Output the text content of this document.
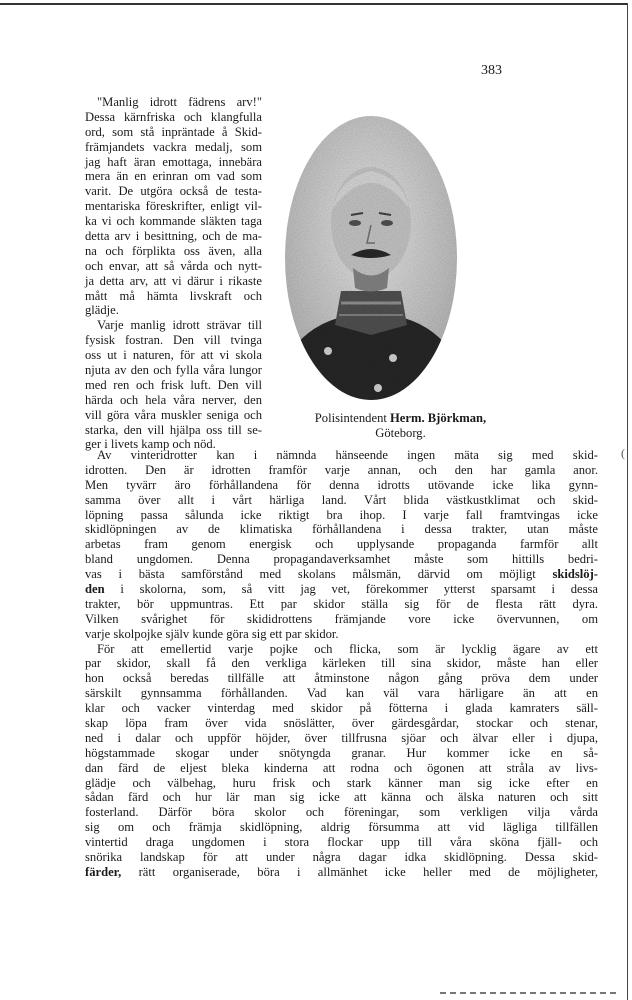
383
"Manlig idrott fädrens arv!"
Dessa kärnfriska och klangfulla
ord, som stå inpräntade å Skid-
främjandets vackra medalj, som
jag haft äran emottaga, innebära
mera än en erinran om vad som
varit. De utgöra också de testa-
mentariska föreskrifter, enligt vil-
ka vi och kommande släkten taga
detta arv i besittning, och de ma-
na och förplikta oss även, alla
och envar, att så vårda och nytt-
ja detta arv, att vi därur i rikaste
mått må hämta livskraft och
glädje.
Varje manlig idrott strävar till
fysisk fostran. Den vill tvinga
oss ut i naturen, för att vi skola
njuta av den och fylla våra lungor
med ren och frisk luft. Den vill
härda och hela våra nerver, den
vill göra våra muskler seniga och
starka, den vill hjälpa oss till se-
ger i livets kamp och nöd.
Polisintendent Herm. Björkman,
Göteborg.
Av vinteridrotter kan i nämnda hänseende ingen mäta sig med skid-
idrotten. Den är idrotten framför varje annan, och den har gamla anor.
Men tyvärr äro förhållandena för denna idrotts utövande icke lika gynn-
samma över allt i vårt härliga land. Vårt blida västkustklimat och skid-
löpning passa sålunda icke riktigt bra ihop. I varje fall framtvingas icke
skidlöpningen av de klimatiska förhållandena i dessa trakter, utan måste
arbetas fram genom energisk och upplysande propaganda farmför allt
bland ungdomen. Denna propagandaverksamhet måste som hittills bedri-
vas i bästa samförstånd med skolans målsmän, därvid om möjligt skidslöj-
den i skolorna, som, så vitt jag vet, förekommer ytterst sparsamt i dessa
trakter, bör uppmuntras. Ett par skidor ställa sig för de flesta rätt dyra.
Vilken svårighet för skididrottens främjande vore icke övervunnen, om
varje skolpojke själv kunde göra sig ett par skidor.
För att emellertid varje pojke och flicka, som är lycklig ägare av ett
par skidor, skall få den verkliga kärleken till sina skidor, måste han eller
hon också beredas tillfälle att åtminstone någon gång pröva dem under
särskilt gynnsamma förhållanden. Vad kan väl vara härligare än att en
klar och vacker vinterdag med skidor på fötterna i glada kamraters säll-
skap löpa fram över vida snöslätter, över gärdesgårdar, stockar och stenar,
ned i dalar och uppför höjder, över tillfrusna sjöar och älvar eller i djupa,
högstammade skogar under snötyngda granar. Hur kommer icke en så-
dan färd de eljest bleka kinderna att rodna och ögonen att stråla av livs-
glädje och välbehag, huru frisk och stark känner man sig icke efter en
sådan färd och hur lär man sig icke att känna och älska naturen och sitt
fosterland. Därför böra skolor och föreningar, som verkligen vilja vårda
sig om och främja skidlöpning, aldrig försumma att vid lägliga tillfällen
vintertid draga ungdomen i stora flockar upp till våra sköna fjäll- och
snörika landskap för att under några dagar idka skidlöpning. Dessa skid-
färder, rätt organiserade, böra i allmänhet icke heller med de möjligheter,
(
